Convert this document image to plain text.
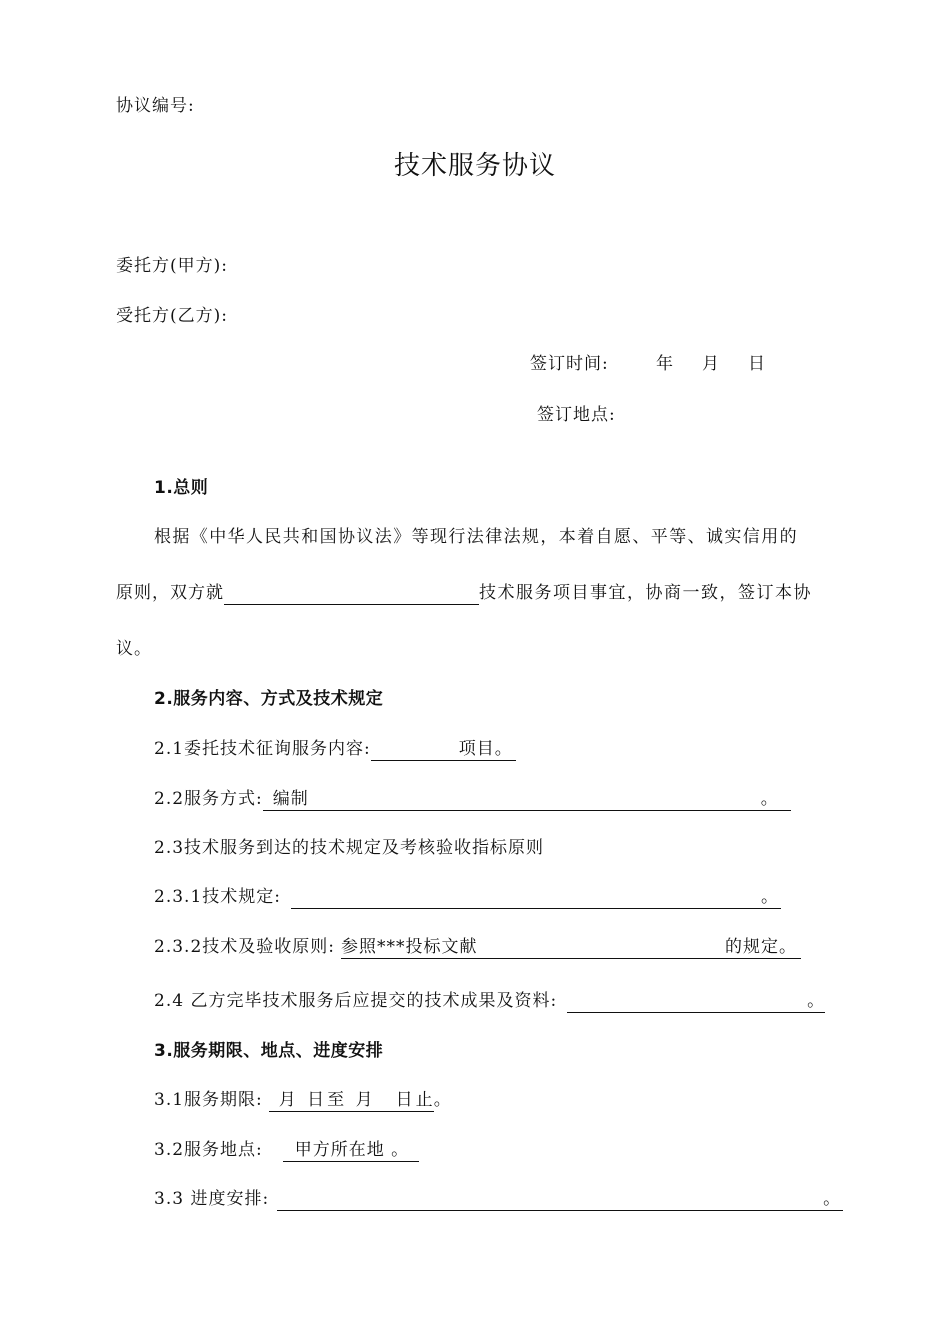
协议编号:
技术服务协议
委托方(甲方):
受托方(乙方):
签订时间:	年　月　日
签订地点:
1.总则
根据《中华人民共和国协议法》等现行法律法规，本着自愿、平等、诚实信用的
原则，双方就	技术服务项目事宜，协商一致，签订本协
议。
2.服务内容、方式及技术规定
2.1委托技术征询服务内容:	项目。
2.2服务方式: 编制	。
2.3技术服务到达的技术规定及考核验收指标原则
2.3.1技术规定:	。
2.3.2技术及验收原则: 参照***投标文献	的规定。
2.4 乙方完毕技术服务后应提交的技术成果及资料:	。
3.服务期限、地点、进度安排
3.1服务期限: 月 日至 月　日止
。
3.2服务地点: 甲方所在地 。
3.3 进度安排:	。
